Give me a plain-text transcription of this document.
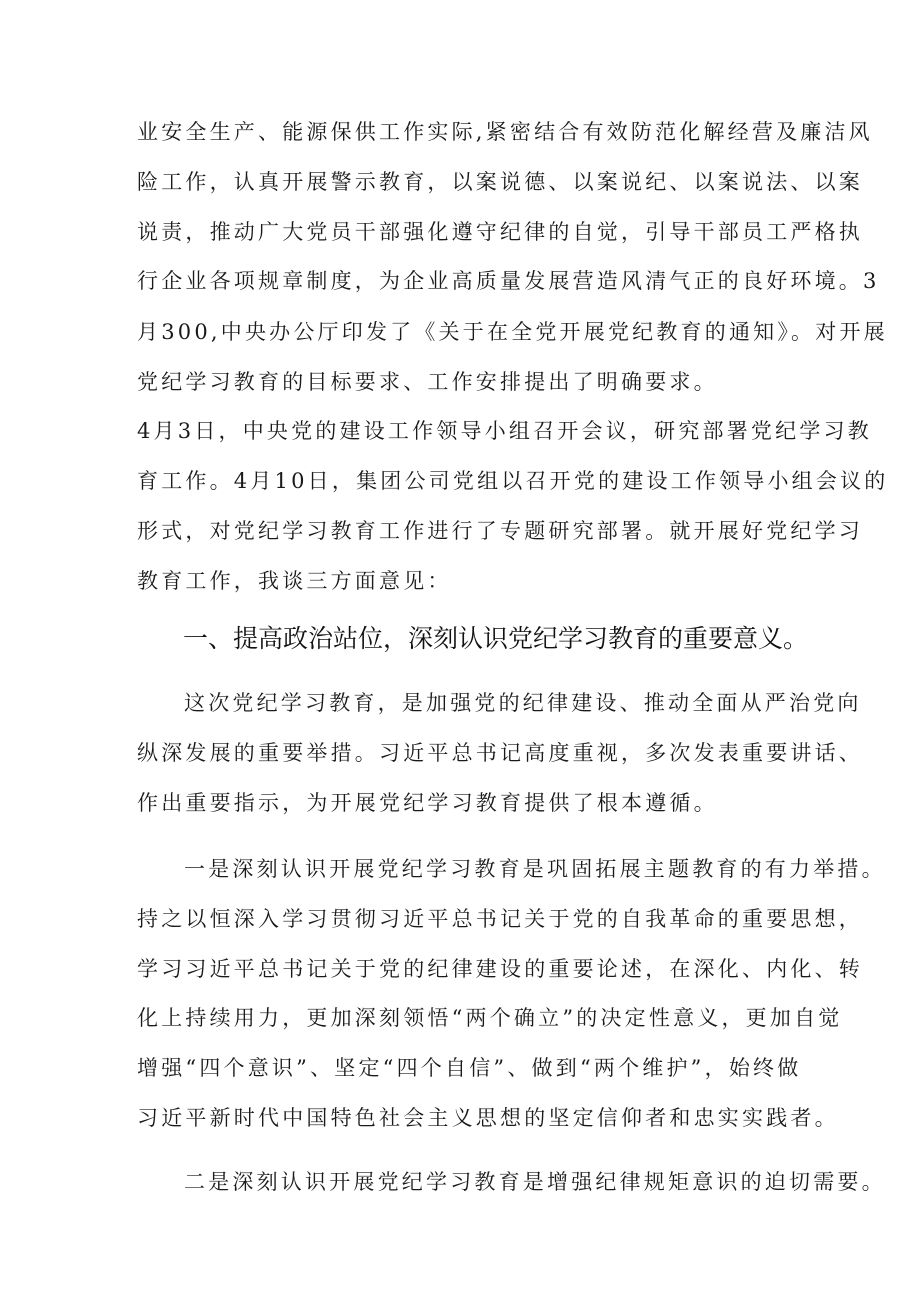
业安全生产、能源保供工作实际,紧密结合有效防范化解经营及廉洁风
险工作，认真开展警示教育，以案说德、以案说纪、以案说法、以案
说责，推动广大党员干部强化遵守纪律的自觉，引导干部员工严格执
行企业各项规章制度，为企业高质量发展营造风清气正的良好环境。3
月300,中央办公厅印发了《关于在全党开展党纪教育的通知》。对开展
党纪学习教育的目标要求、工作安排提出了明确要求。
4月3日，中央党的建设工作领导小组召开会议，研究部署党纪学习教
育工作。4月10日，集团公司党组以召开党的建设工作领导小组会议的
形式，对党纪学习教育工作进行了专题研究部署。就开展好党纪学习
教育工作，我谈三方面意见：
一、提高政治站位，深刻认识党纪学习教育的重要意义。
这次党纪学习教育，是加强党的纪律建设、推动全面从严治党向
纵深发展的重要举措。习近平总书记高度重视，多次发表重要讲话、
作出重要指示，为开展党纪学习教育提供了根本遵循。
一是深刻认识开展党纪学习教育是巩固拓展主题教育的有力举措。
持之以恒深入学习贯彻习近平总书记关于党的自我革命的重要思想，
学习习近平总书记关于党的纪律建设的重要论述，在深化、内化、转
化上持续用力，更加深刻领悟“两个确立”的决定性意义，更加自觉
增强“四个意识”、坚定“四个自信”、做到“两个维护”，始终做
习近平新时代中国特色社会主义思想的坚定信仰者和忠实实践者。
二是深刻认识开展党纪学习教育是增强纪律规矩意识的迫切需要。
